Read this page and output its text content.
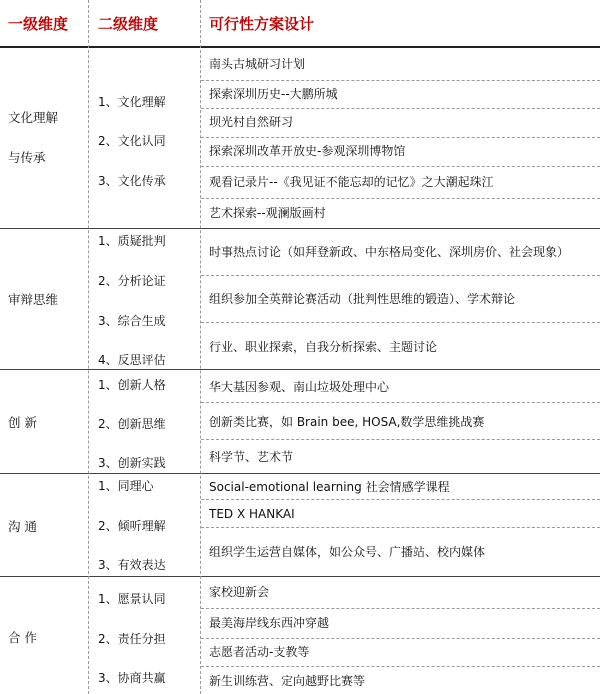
一级维度 二级维度	可行性方案设计
文化理解
与传承
1、文化理解
2、文化认同
3、文化传承
南头古城研习计划
探索深圳历史--大鹏所城
坝光村自然研习
探索深圳改革开放史-参观深圳博物馆
观看记录片--《我见证不能忘却的记忆》之大潮起珠江
艺术探索--观澜版画村
审辩思维
1、质疑批判
2、分析论证
3、综合生成
4、反思评估
时事热点讨论（如拜登新政、中东格局变化、深圳房价、社会现象）
组织参加全英辩论赛活动（批判性思维的锻造）、学术辩论
行业、职业探索，自我分析探索、主题讨论
创 新
1、创新人格
2、创新思维
3、创新实践
华大基因参观、南山垃圾处理中心
创新类比赛，如 Brain bee, HOSA,数学思维挑战赛
科学节、艺术节
沟 通
1、同理心
2、倾听理解
3、有效表达
Social-emotional learning 社会情感学课程
TED X HANKAI
组织学生运营自媒体，如公众号、广播站、校内媒体
合 作
1、愿景认同
2、责任分担
3、协商共赢
家校迎新会
最美海岸线东西冲穿越
志愿者活动-支教等
新生训练营、定向越野比赛等
